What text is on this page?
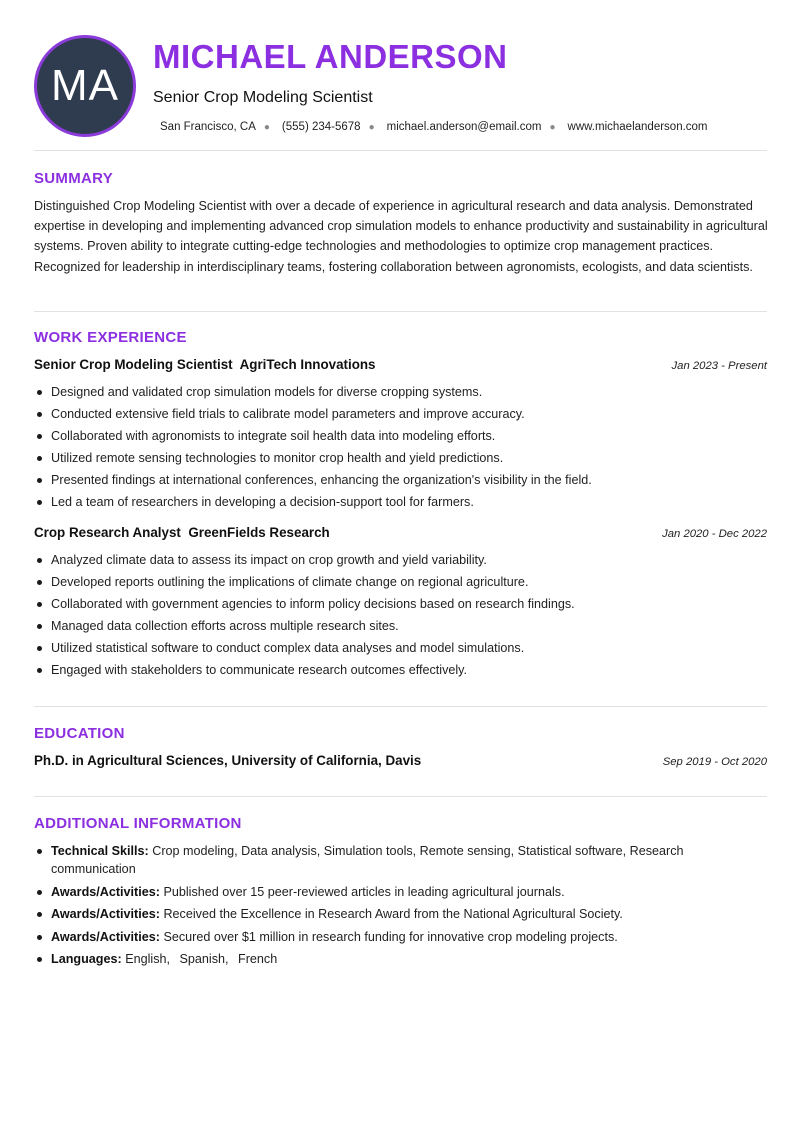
MA
MICHAEL ANDERSON
Senior Crop Modeling Scientist
San Francisco, CA ● (555) 234-5678 ● michael.anderson@email.com ● www.michaelanderson.com
SUMMARY

Distinguished Crop Modeling Scientist with over a decade of experience in agricultural research and data analysis. Demonstrated expertise in developing and implementing advanced crop simulation models to enhance productivity and sustainability in agricultural systems. Proven ability to integrate cutting-edge technologies and methodologies to optimize crop management practices. Recognized for leadership in interdisciplinary teams, fostering collaboration between agronomists, ecologists, and data scientists.

WORK EXPERIENCE
Senior Crop Modeling Scientist AgriTech Innovations	Jan 2023 - Present
Designed and validated crop simulation models for diverse cropping systems.
Conducted extensive field trials to calibrate model parameters and improve accuracy.
Collaborated with agronomists to integrate soil health data into modeling efforts.
Utilized remote sensing technologies to monitor crop health and yield predictions.
Presented findings at international conferences, enhancing the organization's visibility in the field.
Led a team of researchers in developing a decision-support tool for farmers.
Crop Research Analyst GreenFields Research	Jan 2020 - Dec 2022
Analyzed climate data to assess its impact on crop growth and yield variability.
Developed reports outlining the implications of climate change on regional agriculture.
Collaborated with government agencies to inform policy decisions based on research findings.
Managed data collection efforts across multiple research sites.
Utilized statistical software to conduct complex data analyses and model simulations.
Engaged with stakeholders to communicate research outcomes effectively.
EDUCATION
Ph.D. in Agricultural Sciences, University of California, Davis	Sep 2019 - Oct 2020
ADDITIONAL INFORMATION
Technical Skills: Crop modeling, Data analysis, Simulation tools, Remote sensing, Statistical software, Research communication
Awards/Activities: Published over 15 peer-reviewed articles in leading agricultural journals.
Awards/Activities: Received the Excellence in Research Award from the National Agricultural Society.
Awards/Activities: Secured over $1 million in research funding for innovative crop modeling projects.
Languages: English, Spanish, French
